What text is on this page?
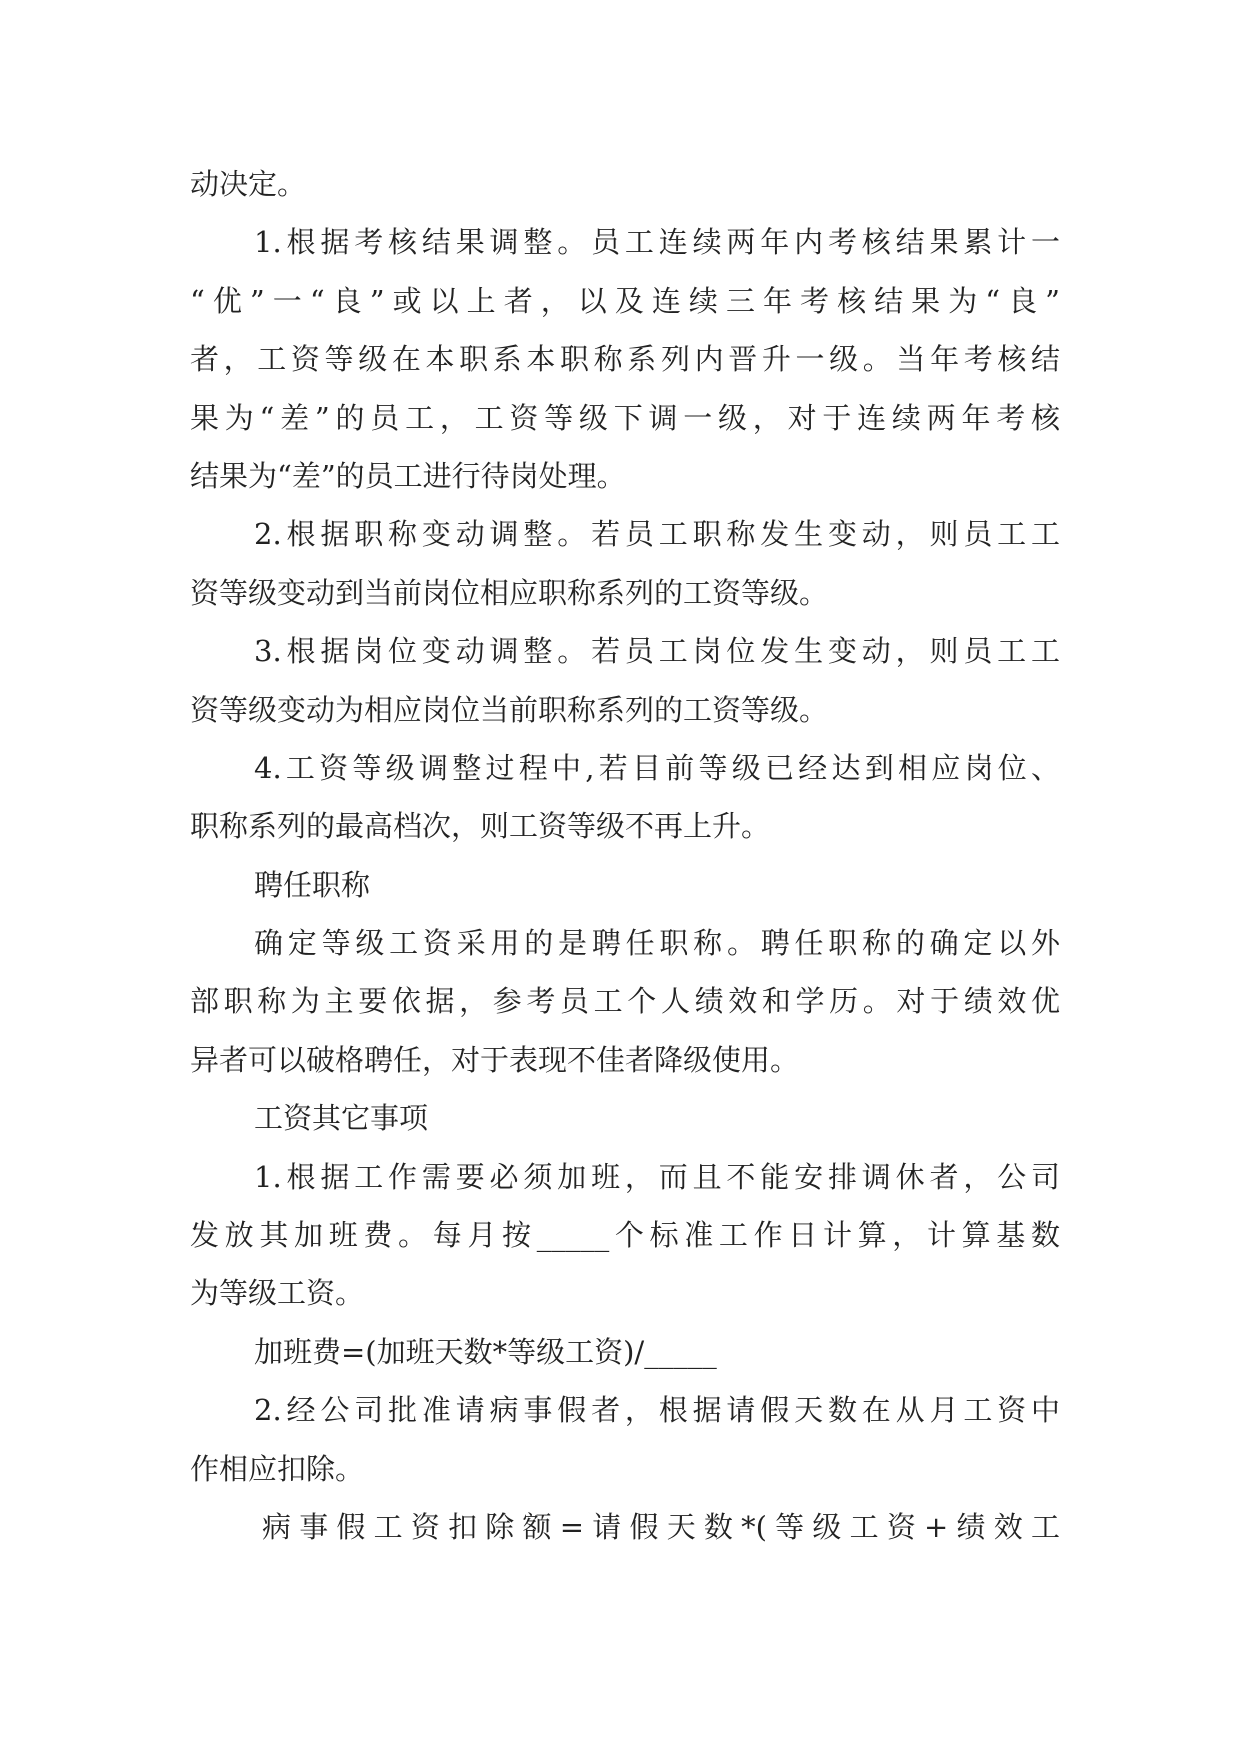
动决定。
1.根据考核结果调整。员工连续两年内考核结果累计一
“优”一“良”或以上者，以及连续三年考核结果为“良”
者，工资等级在本职系本职称系列内晋升一级。当年考核结
果为“差”的员工，工资等级下调一级，对于连续两年考核
结果为“差”的员工进行待岗处理。
2.根据职称变动调整。若员工职称发生变动，则员工工
资等级变动到当前岗位相应职称系列的工资等级。
3.根据岗位变动调整。若员工岗位发生变动，则员工工
资等级变动为相应岗位当前职称系列的工资等级。
4.工资等级调整过程中,若目前等级已经达到相应岗位、
职称系列的最高档次，则工资等级不再上升。
聘任职称
确定等级工资采用的是聘任职称。聘任职称的确定以外
部职称为主要依据，参考员工个人绩效和学历。对于绩效优
异者可以破格聘任，对于表现不佳者降级使用。
工资其它事项
1.根据工作需要必须加班，而且不能安排调休者，公司
发放其加班费。每月按_____个标准工作日计算，计算基数
为等级工资。
加班费=(加班天数*等级工资)/_____
2.经公司批准请病事假者，根据请假天数在从月工资中
作相应扣除。
病事假工资扣除额=请假天数*(等级工资+绩效工
